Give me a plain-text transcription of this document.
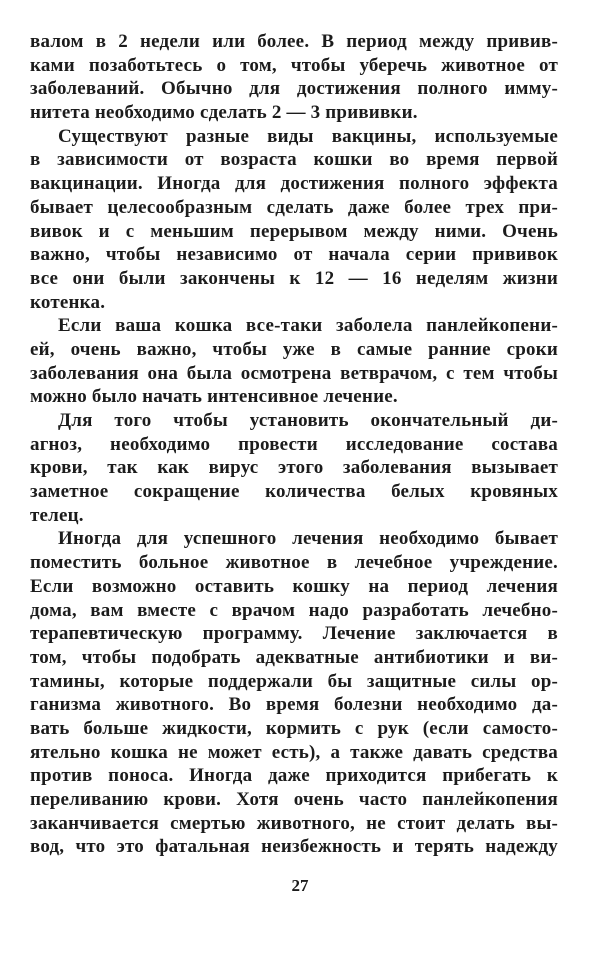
валом в 2 недели или более. В период между привив-
ками позаботьтесь о том, чтобы уберечь животное от
заболеваний. Обычно для достижения полного имму-
нитета необходимо сделать 2 — 3 прививки.
Существуют разные виды вакцины, используемые
в зависимости от возраста кошки во время первой
вакцинации. Иногда для достижения полного эффекта
бывает целесообразным сделать даже более трех при-
вивок и с меньшим перерывом между ними. Очень
важно, чтобы независимо от начала серии прививок
все они были закончены к 12 — 16 неделям жизни
котенка.
Если ваша кошка все-таки заболела панлейкопени-
ей, очень важно, чтобы уже в самые ранние сроки
заболевания она была осмотрена ветврачом, с тем чтобы
можно было начать интенсивное лечение.
Для того чтобы установить окончательный ди-
агноз, необходимо провести исследование состава
крови, так как вирус этого заболевания вызывает
заметное сокращение количества белых кровяных
телец.
Иногда для успешного лечения необходимо бывает
поместить больное животное в лечебное учреждение.
Если возможно оставить кошку на период лечения
дома, вам вместе с врачом надо разработать лечебно-
терапевтическую программу. Лечение заключается в
том, чтобы подобрать адекватные антибиотики и ви-
тамины, которые поддержали бы защитные силы ор-
ганизма животного. Во время болезни необходимо да-
вать больше жидкости, кормить с рук (если самосто-
ятельно кошка не может есть), а также давать средства
против поноса. Иногда даже приходится прибегать к
переливанию крови. Хотя очень часто панлейкопения
заканчивается смертью животного, не стоит делать вы-
вод, что это фатальная неизбежность и терять надежду
27
